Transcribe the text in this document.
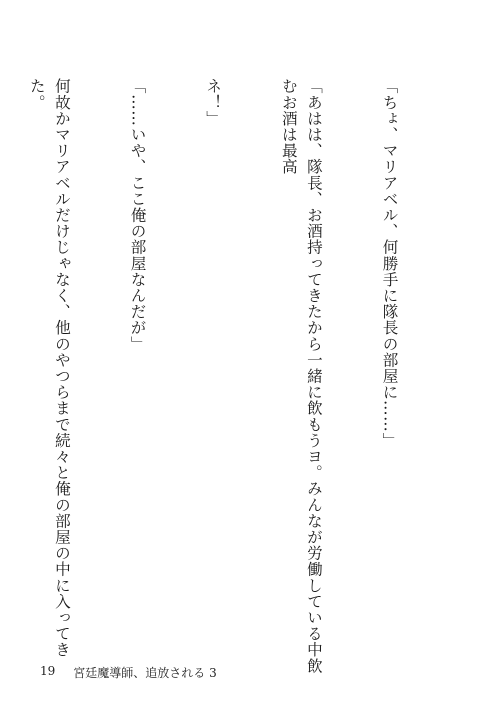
「ちょ、マリアベル、何勝手に隊長の部屋に……」

「あはは、隊長、お酒持ってきたから一緒に飲もうヨ。みんなが労働している中飲むお酒は最高

ネ！」

「……いや、ここ俺の部屋なんだが」

何故かマリアベルだけじゃなく、他のやつらまで続々と俺の部屋の中に入ってきた。

19 宮廷魔導師、追放される 3
